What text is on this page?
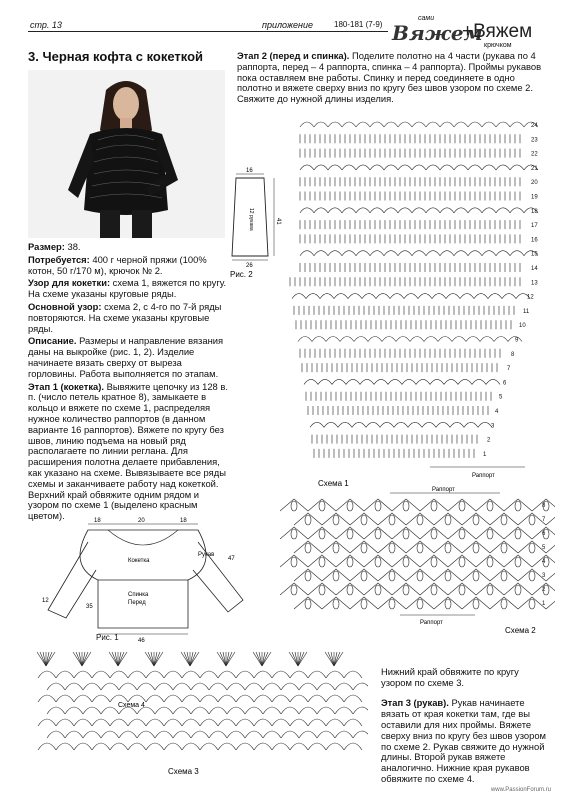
стр. 13	приложение	180-181 (7-9)
сами
Вяжем
+Вяжем
крючком
3. Черная кофта с кокеткой

Размер: 38.

Потребуется: 400 г черной пряжи (100% котон, 50 г/170 м), крючок № 2.

Узор для кокетки: схема 1, вяжется по кругу. На схеме указаны круговые ряды.

Основной узор: схема 2, с 4-го по 7-й ряды повторяются. На схеме указаны круговые ряды.

Описание. Размеры и направление вязания даны на выкройке (рис. 1, 2). Изделие начинаете вязать сверху от выреза горловины. Работа выполняется по этапам.

Этап 1 (кокетка). Вывяжите цепочку из 128 в. п. (число петель кратное 8), замыкаете в кольцо и вяжете по схеме 1, распределяя нужное количество раппортов (в данном варианте 16 раппортов). Вяжете по кругу без швов, линию подъема на новый ряд располагаете по линии реглана. Для расширения полотна делаете прибавления, как указано на схеме. Вывязываете все ряды схемы и заканчиваете работу над кокеткой. Верхний край обвяжите одним рядом и узором по схеме 1 (выделено красным цветом).

Этап 2 (перед и спинка). Поделите полотно на 4 части (рукава по 4 раппорта, перед – 4 раппорта, спинка – 4 раппорта). Проймы рукавов пока оставляем вне работы. Спинку и перед соединяете в одно полотно и вяжете сверху вниз по кругу без швов узором по схеме 2. Свяжите до нужной длины изделия.

16
41
12 рукава
26
Рис. 2
24
23
22
21
20
19
18
17
16
15
14
13
12
11
10
9
8
7
6
5
4
3
2
1
Раппорт
Схема 1
Раппорт
8
7
6
5
4
3
2
1
Раппорт
Схема 2
18	20	18
Кокетка
Рукав
Спинка
Перед
46
35
12
47
Рис. 1
Схема 4
Схема 3

Нижний край обвяжите по кругу узором по схеме 3.

Этап 3 (рукав). Рукав начинаете вязать от края кокетки там, где вы оставили для них проймы. Вяжете сверху вниз по кругу без швов узором по схеме 2. Рукав свяжите до нужной длины. Второй рукав вяжете аналогично. Нижние края рукавов обвяжите по схеме 4.

www.PassionForum.ru
